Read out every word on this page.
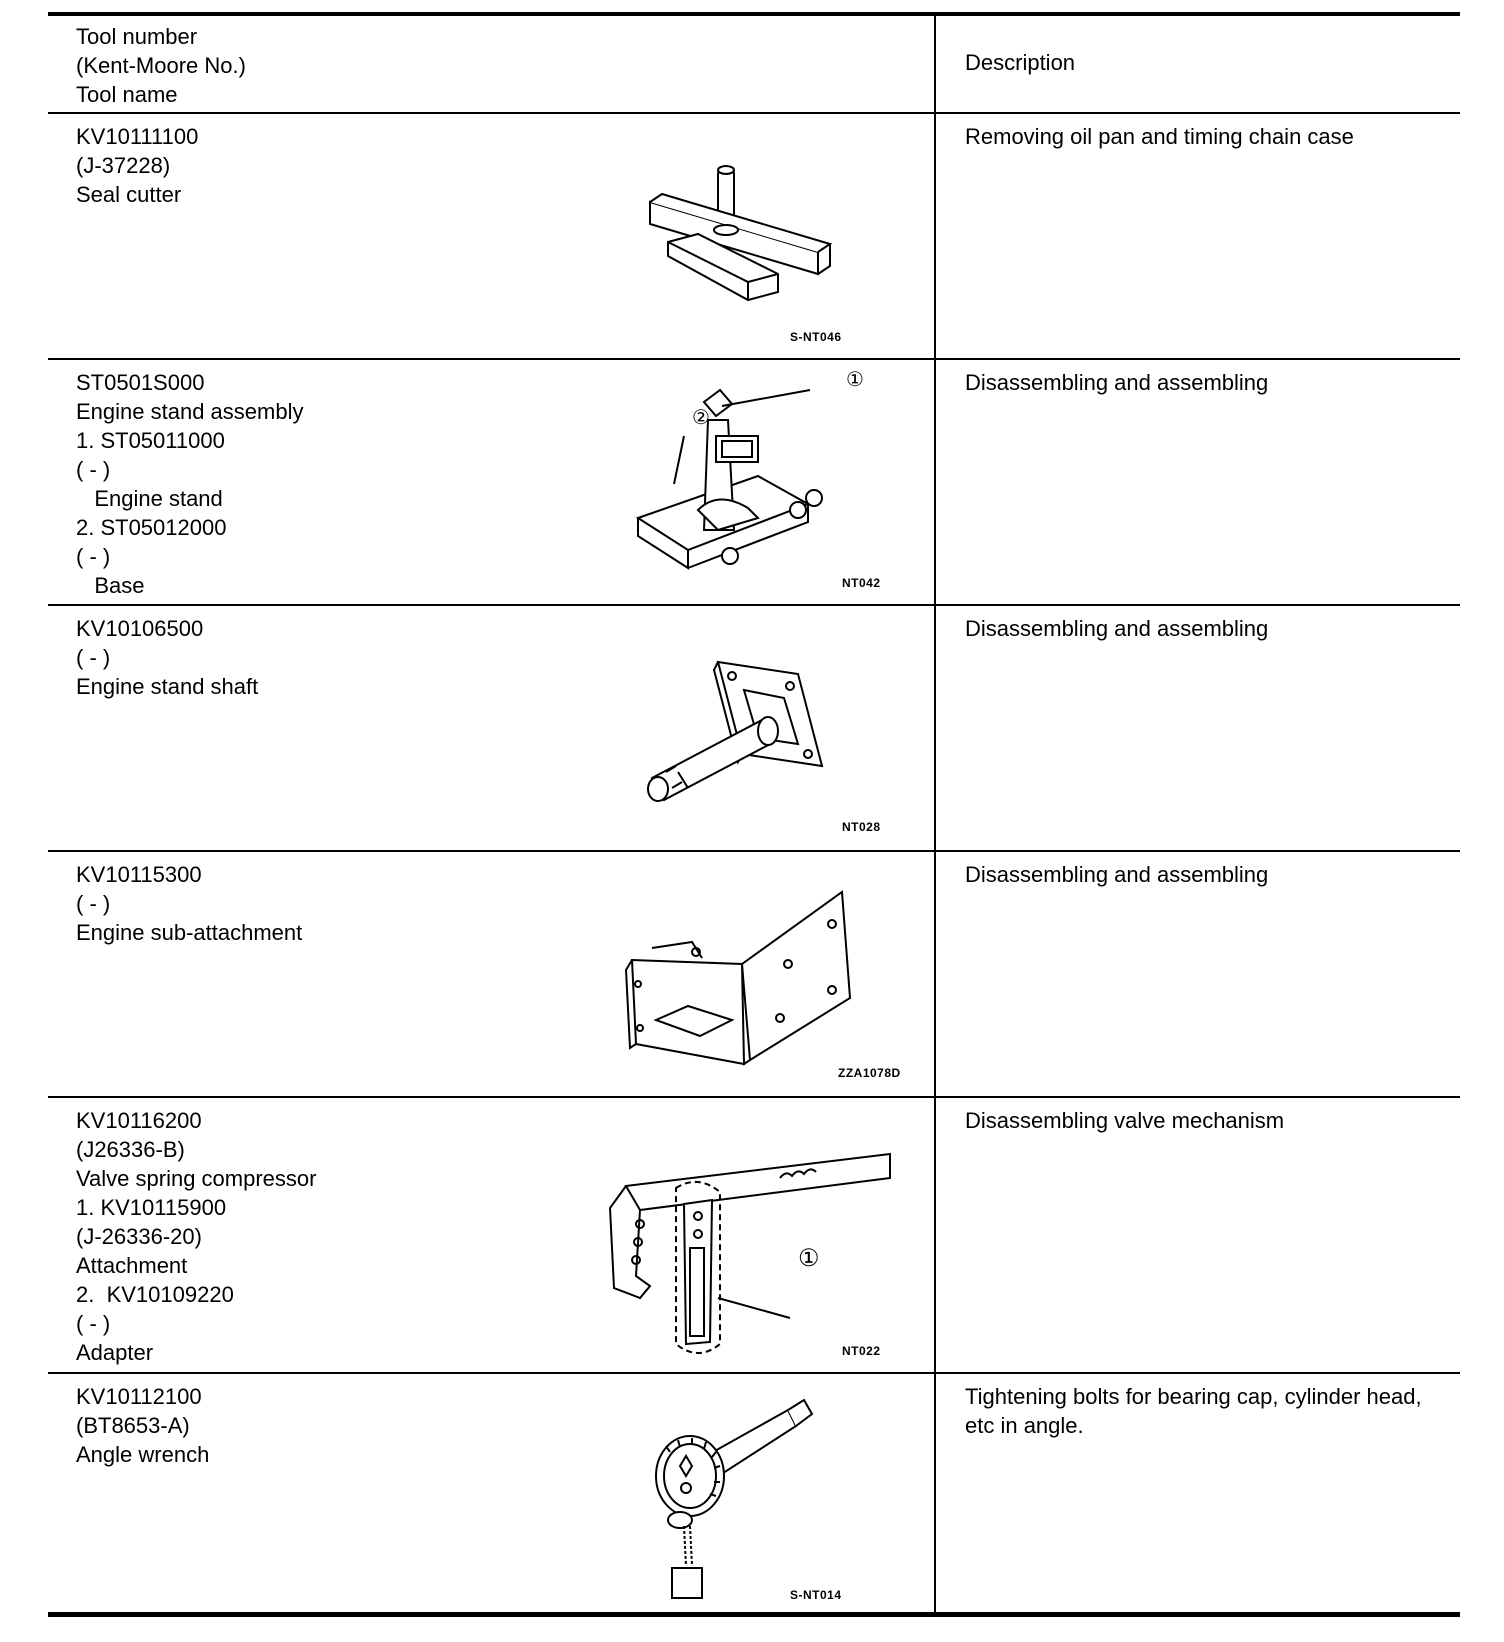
Tool number
(Kent-Moore No.)
Tool name
Description
KV10111100
(J-37228)
Seal cutter
S-NT046
Removing oil pan and timing chain case
ST0501S000
Engine stand assembly
1. ST05011000
( - )
Engine stand
2. ST05012000
( - )
Base
①
②
NT042
Disassembling and assembling
KV10106500
( - )
Engine stand shaft
NT028
Disassembling and assembling
KV10115300
( - )
Engine sub-attachment
ZZA1078D
Disassembling and assembling
KV10116200
(J26336-B)
Valve spring compressor
1. KV10115900
(J-26336-20)
Attachment
2.  KV10109220
( - )
Adapter
①
NT022
Disassembling valve mechanism
KV10112100
(BT8653-A)
Angle wrench
S-NT014
Tightening bolts for bearing cap, cylinder head, etc in angle.
